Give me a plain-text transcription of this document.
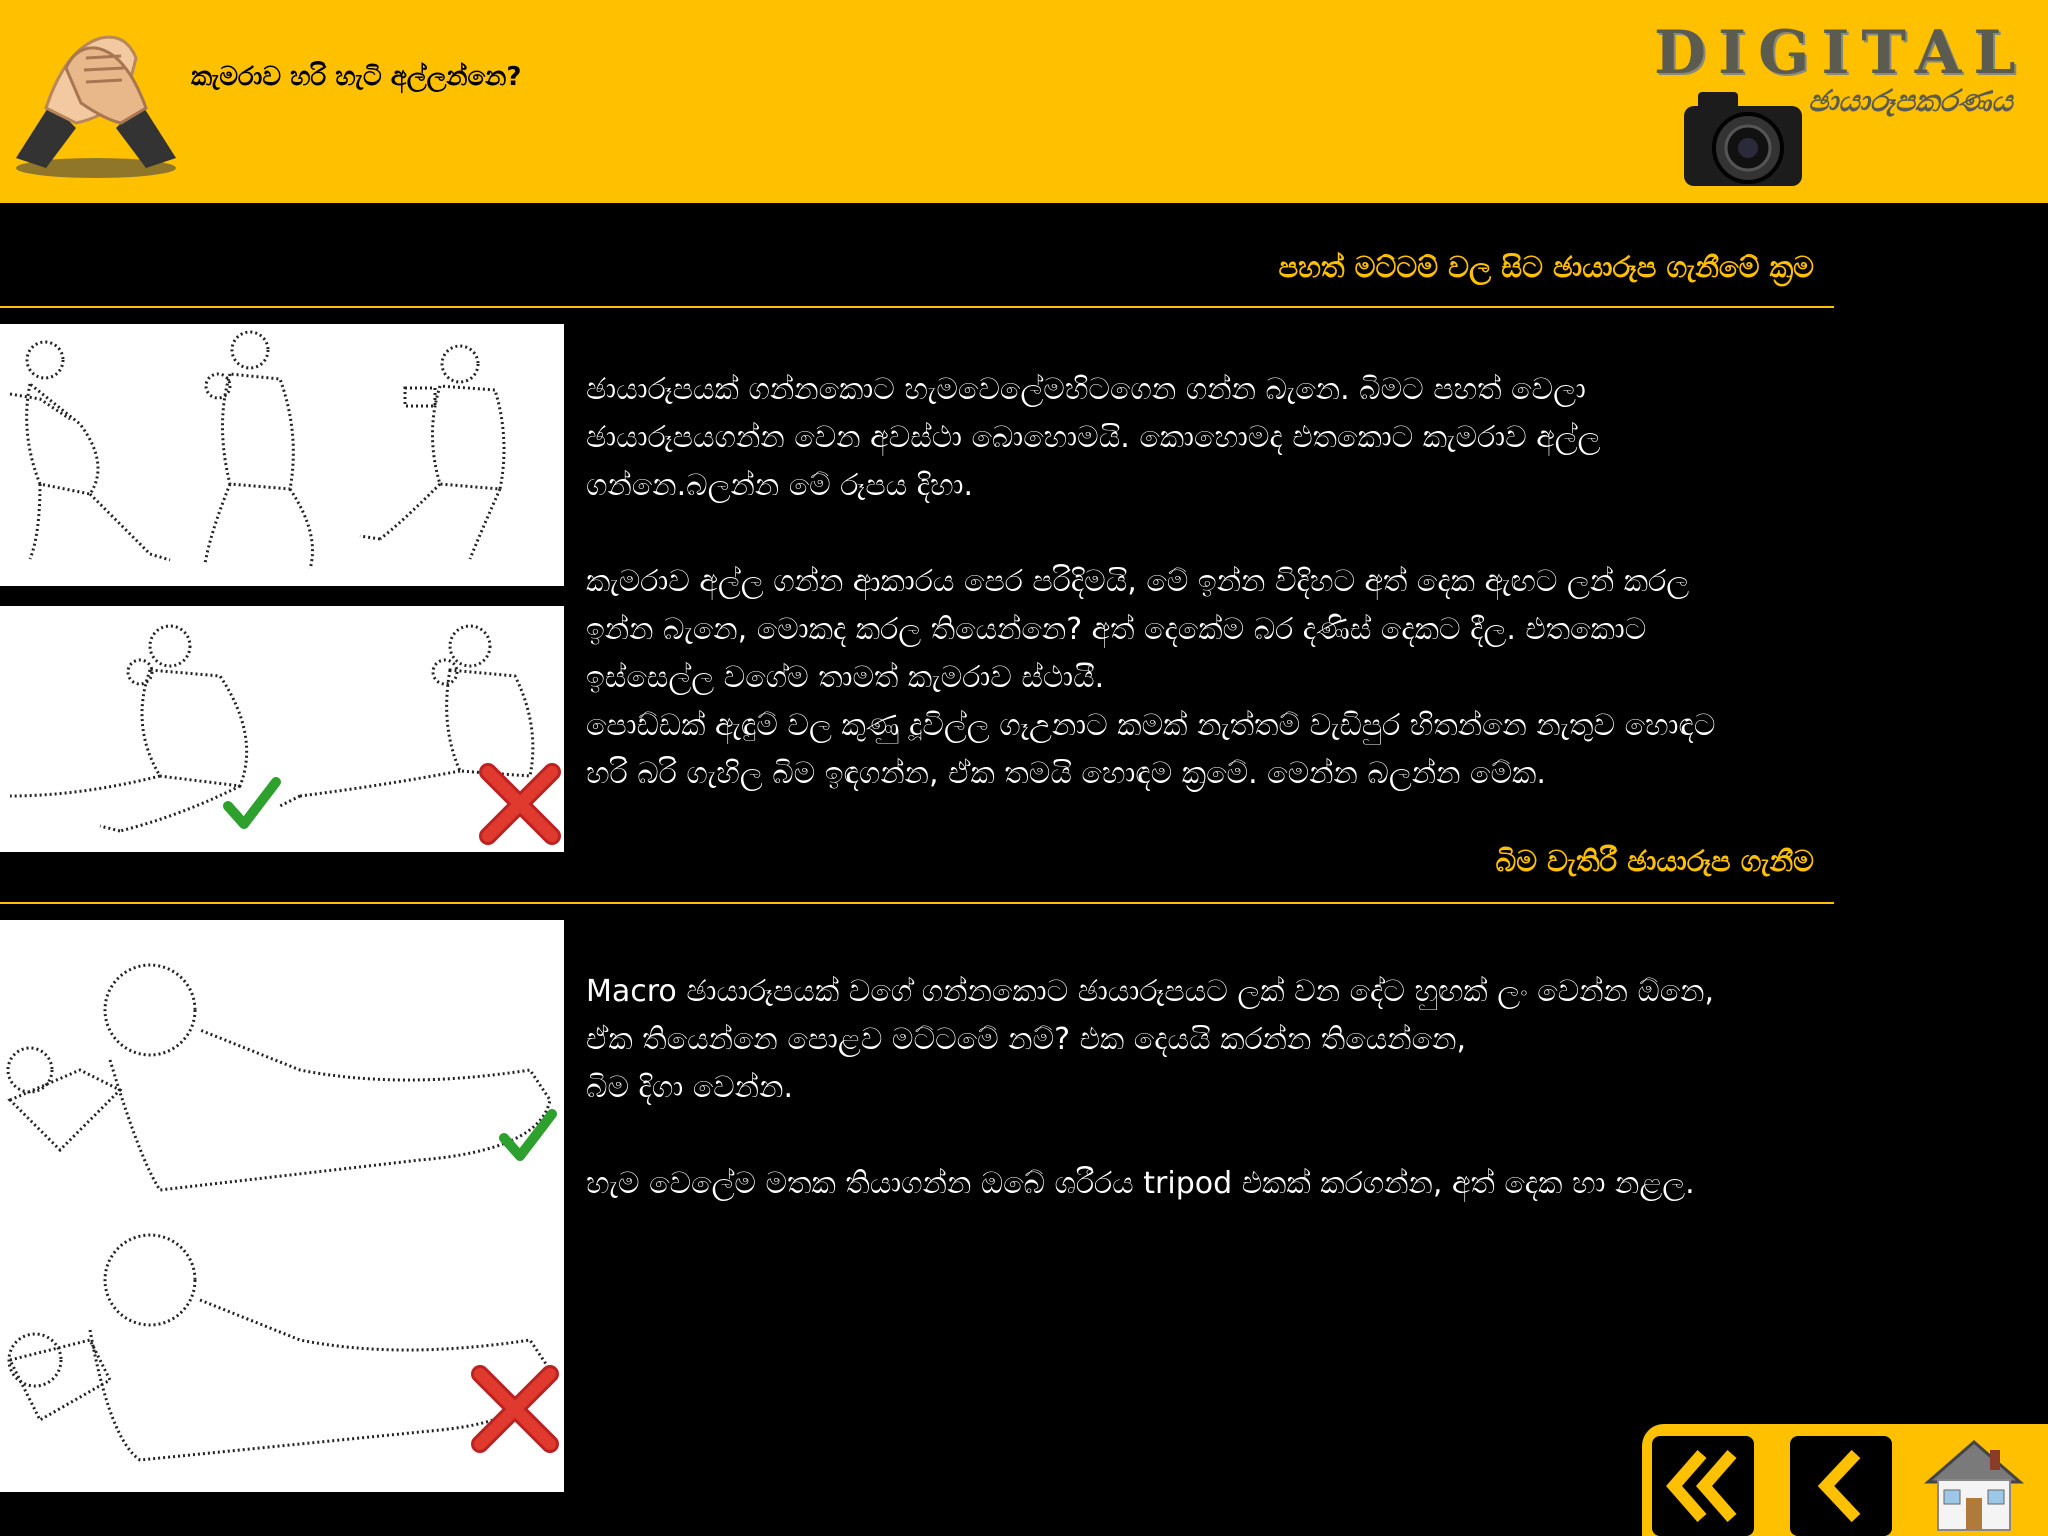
කැමරාව හරි හැටි අල්ලන්නෙ?	DIGITAL
ඡායාරූපකරණය
පහත් මට්ටම් වල සිට ඡායාරූප ගැනීමේ ක්‍රම
ඡායාරූපයක් ගන්නකොට හැමවෙලේමහිටගෙන ගන්න බැනෙ. බිමට පහත් වෙලා
ඡායාරූපයගන්න වෙන අවස්ථා බොහොමයි. කොහොමද එතකොට කැමරාව අල්ල
ගන්නෙ.බලන්න මේ රූපය දිහා.
කැමරාව අල්ල ගන්න ආකාරය පෙර පරිදිමයි, මේ ඉන්න විදිහට අත් දෙක ඇඟට ලන් කරල
ඉන්න බැනෙ, මොකද කරල තියෙන්නෙ? අත් දෙකේම බර දණිස් දෙකට දීල. එතකොට
ඉස්සෙල්ල වගේම තාමත් කැමරාව ස්ථායී.
පොඩ්ඩක් ඇඳුම් වල කුණු දූවිල්ල ගෑඋනාට කමක් නැත්තම් වැඩිපුර හිතන්නෙ නැතුව හොඳට
හරි බරි ගැහිල බිම ඉඳගන්න, ඒක තමයි හොඳම ක්‍රමේ. මෙන්න බලන්න මේක.
බිම වැතිරී ඡායාරූප ගැනීම
Macro ඡායාරූපයක් වගේ ගන්නකොට ඡායාරූපයට ලක් වන දේට හුඟක් ලං වෙන්න ඕනෙ,
ඒක තියෙන්නෙ පොළව මට්ටමේ නම්? එක දෙයයි කරන්න තියෙන්නෙ,
බිම දිගා වෙන්න.
හැම වෙලේම මතක තියාගන්න ඔබේ ශරීරය tripod එකක් කරගන්න, අත් දෙක හා නළල.
